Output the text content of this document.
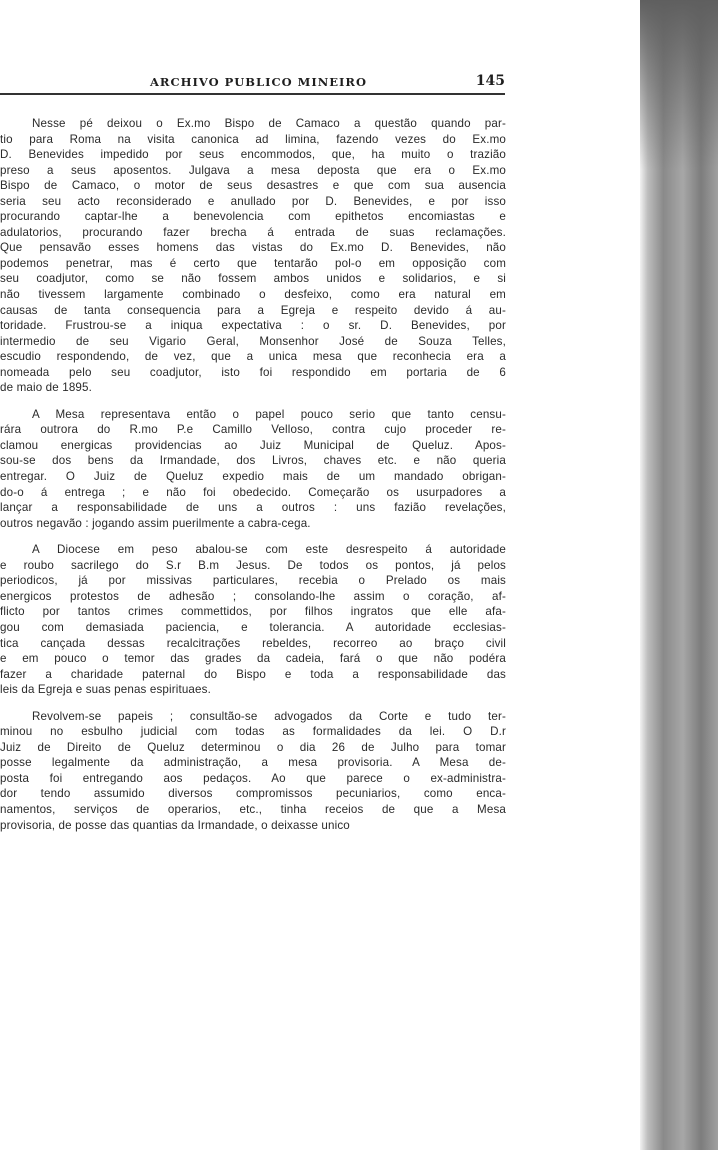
ARCHIVO PUBLICO MINEIRO	145
Nesse pé deixou o Ex.mo Bispo de Camaco a questão quando par-
tio para Roma na visita canonica ad limina, fazendo vezes do Ex.mo
D. Benevides impedido por seus encommodos, que, ha muito o trazião
preso a seus aposentos. Julgava a mesa deposta que era o Ex.mo
Bispo de Camaco, o motor de seus desastres e que com sua ausencia
seria seu acto reconsiderado e anullado por D. Benevides, e por isso
procurando captar-lhe a benevolencia com epithetos encomiastas e
adulatorios, procurando fazer brecha á entrada de suas reclamações.
Que pensavão esses homens das vistas do Ex.mo D. Benevides, não
podemos penetrar, mas é certo que tentarão pol-o em opposição com
seu coadjutor, como se não fossem ambos unidos e solidarios, e si
não tivessem largamente combinado o desfeixo, como era natural em
causas de tanta consequencia para a Egreja e respeito devido á au-
toridade. Frustrou-se a iniqua expectativa : o sr. D. Benevides, por
intermedio de seu Vigario Geral, Monsenhor José de Souza Telles,
escudio respondendo, de vez, que a unica mesa que reconhecia era a
nomeada pelo seu coadjutor, isto foi respondido em portaria de 6
de maio de 1895.
A Mesa representava então o papel pouco serio que tanto censu-
rára outrora do R.mo P.e Camillo Velloso, contra cujo proceder re-
clamou energicas providencias ao Juiz Municipal de Queluz. Apos-
sou-se dos bens da Irmandade, dos Livros, chaves etc. e não queria
entregar. O Juiz de Queluz expedio mais de um mandado obrigan-
do-o á entrega ; e não foi obedecido. Começarão os usurpadores a
lançar a responsabilidade de uns a outros : uns fazião revelações,
outros negavão : jogando assim puerilmente a cabra-cega.
A Diocese em peso abalou-se com este desrespeito á autoridade
e roubo sacrilego do S.r B.m Jesus. De todos os pontos, já pelos
periodicos, já por missivas particulares, recebia o Prelado os mais
energicos protestos de adhesão ; consolando-lhe assim o coração, af-
flicto por tantos crimes commettidos, por filhos ingratos que elle afa-
gou com demasiada paciencia, e tolerancia. A autoridade ecclesias-
tica cançada dessas recalcitrações rebeldes, recorreo ao braço civil
e em pouco o temor das grades da cadeia, fará o que não podéra
fazer a charidade paternal do Bispo e toda a responsabilidade das
leis da Egreja e suas penas espirituaes.
Revolvem-se papeis ; consultão-se advogados da Corte e tudo ter-
minou no esbulho judicial com todas as formalidades da lei. O D.r
Juiz de Direito de Queluz determinou o dia 26 de Julho para tomar
posse legalmente da administração, a mesa provisoria. A Mesa de-
posta foi entregando aos pedaços. Ao que parece o ex-administra-
dor tendo assumido diversos compromissos pecuniarios, como enca-
namentos, serviços de operarios, etc., tinha receios de que a Mesa
provisoria, de posse das quantias da Irmandade, o deixasse unico
